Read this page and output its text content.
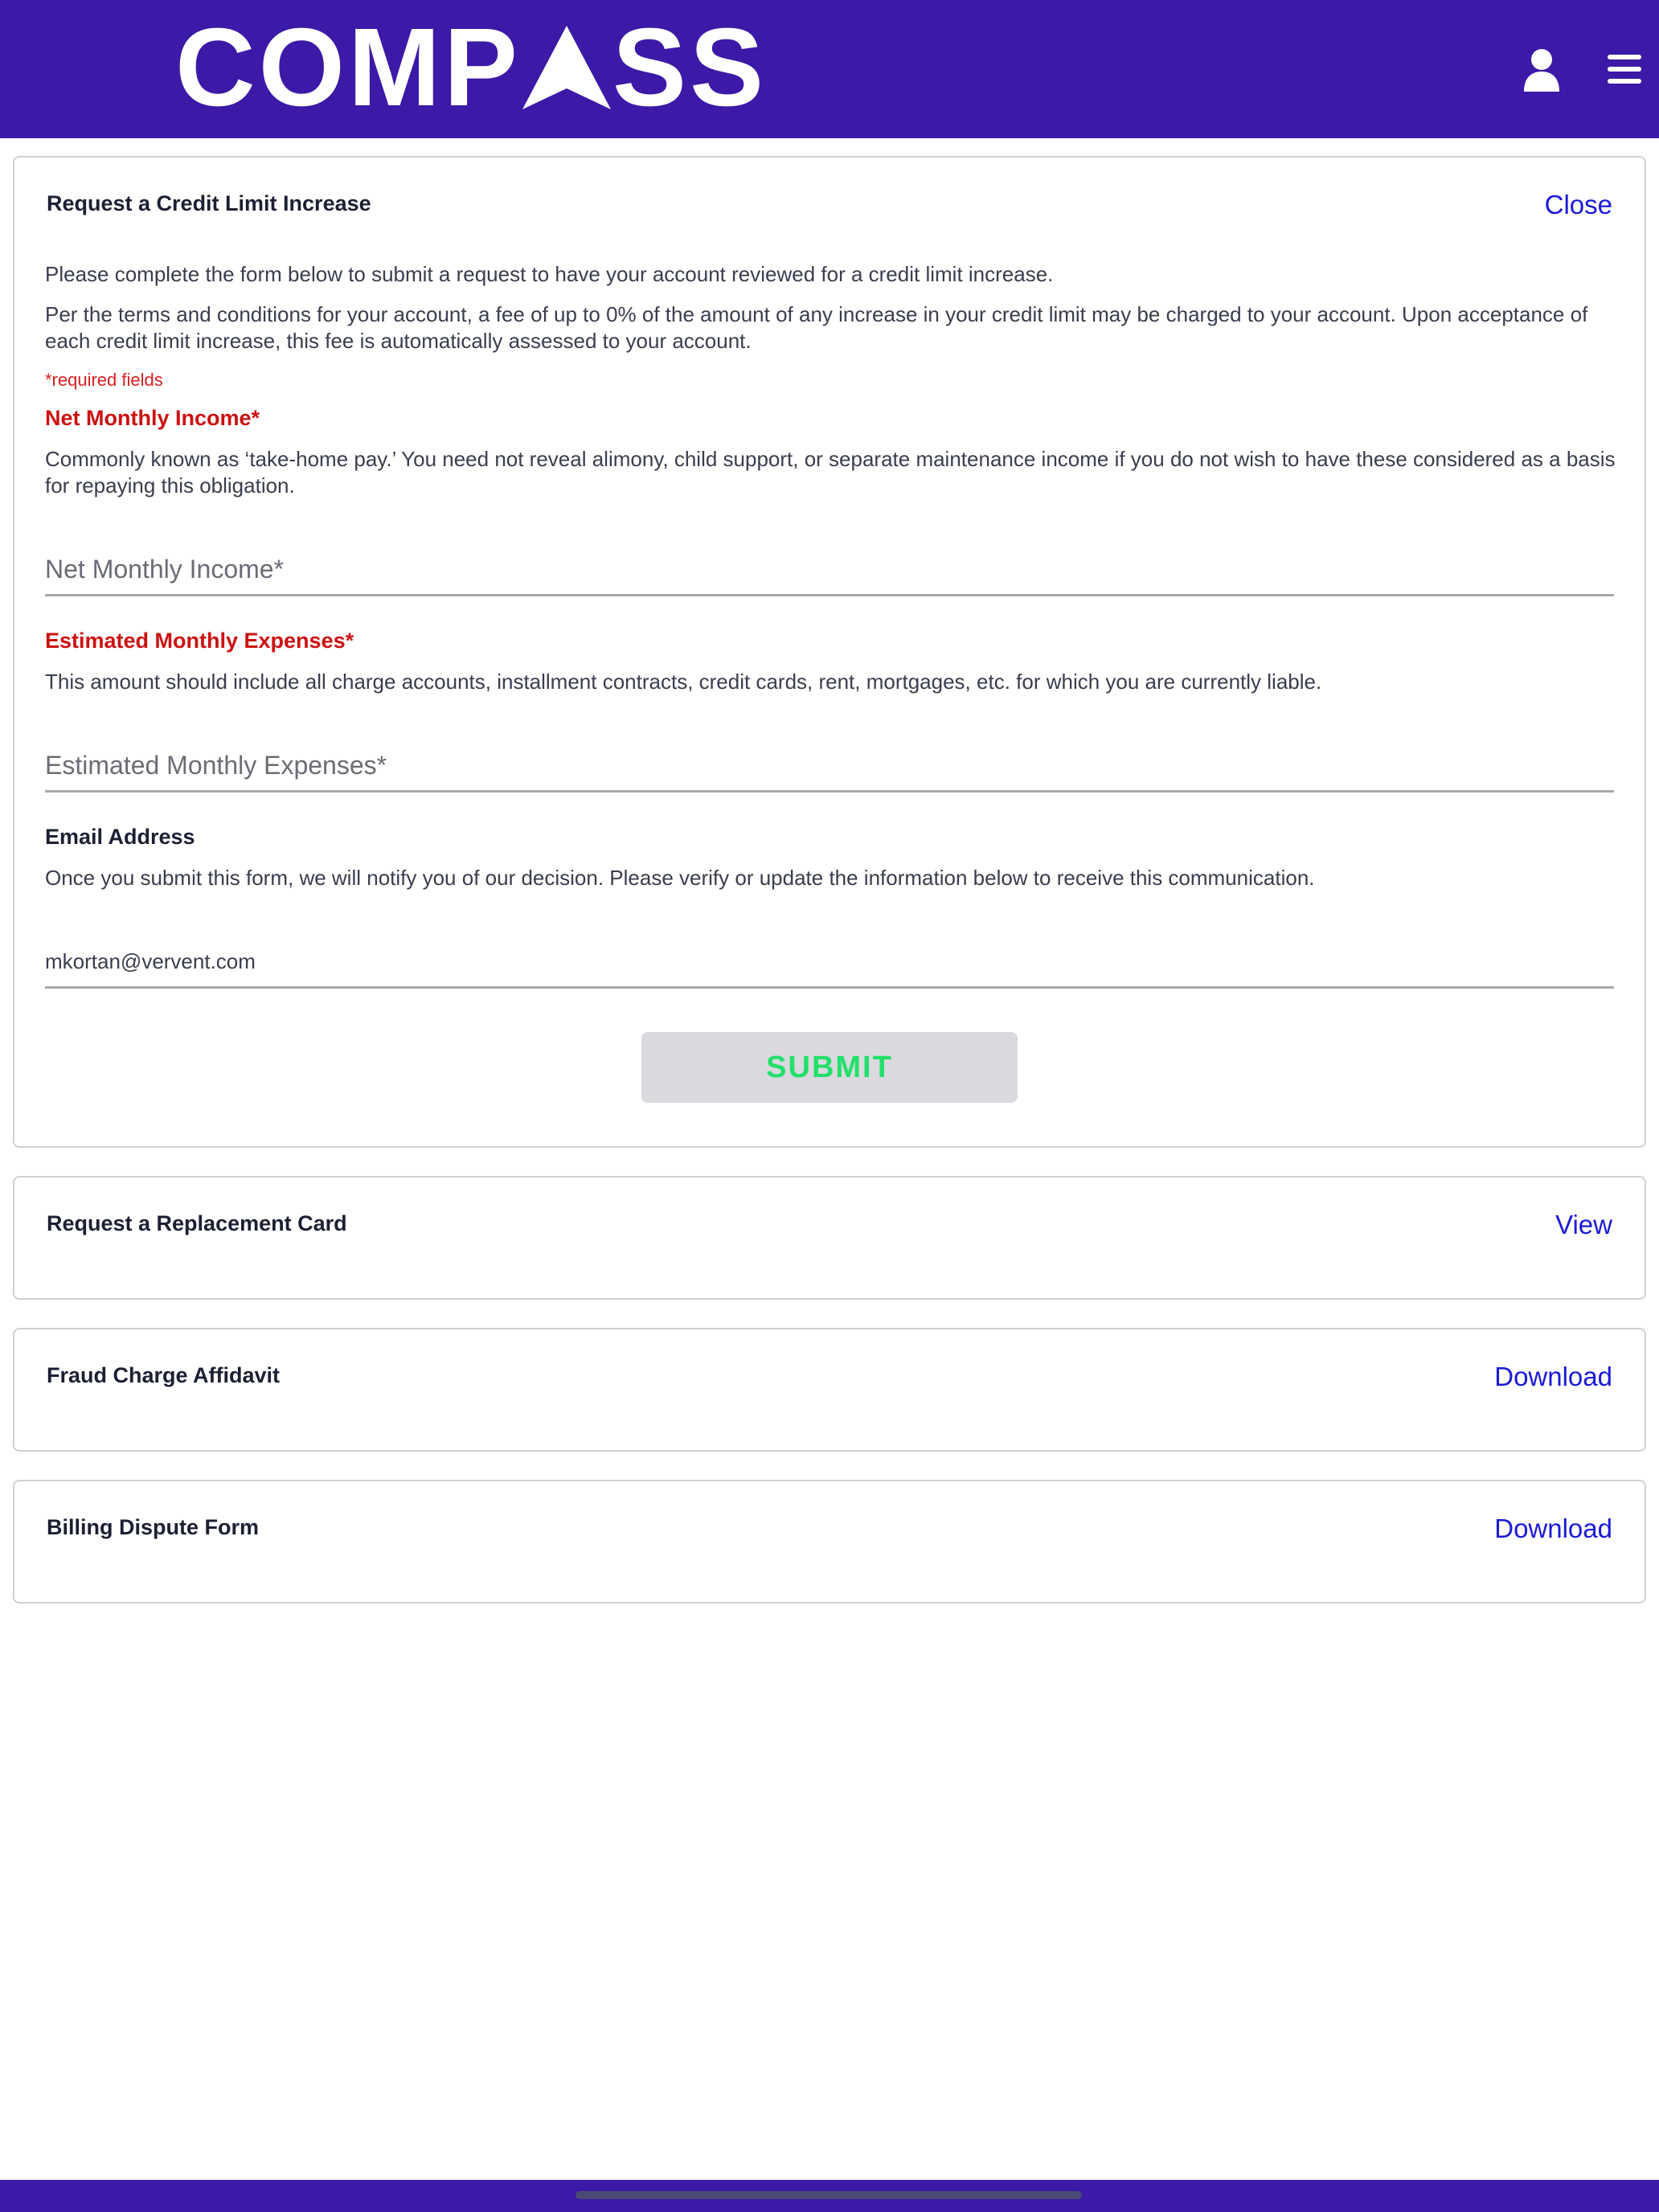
COMP SS
Request a Credit Limit Increase	Close
Please complete the form below to submit a request to have your account reviewed for a credit limit increase.
Per the terms and conditions for your account, a fee of up to 0% of the amount of any increase in your credit limit may be charged to your account. Upon acceptance of each credit limit increase, this fee is automatically assessed to your account.
*required fields
Net Monthly Income*
Commonly known as ‘take-home pay.’ You need not reveal alimony, child support, or separate maintenance income if you do not wish to have these considered as a basis for repaying this obligation.
Net Monthly Income*
Estimated Monthly Expenses*
This amount should include all charge accounts, installment contracts, credit cards, rent, mortgages, etc. for which you are currently liable.
Estimated Monthly Expenses*
Email Address
Once you submit this form, we will notify you of our decision. Please verify or update the information below to receive this communication.
mkortan@vervent.com
SUBMIT
Request a Replacement Card	View
Fraud Charge Affidavit	Download
Billing Dispute Form	Download
